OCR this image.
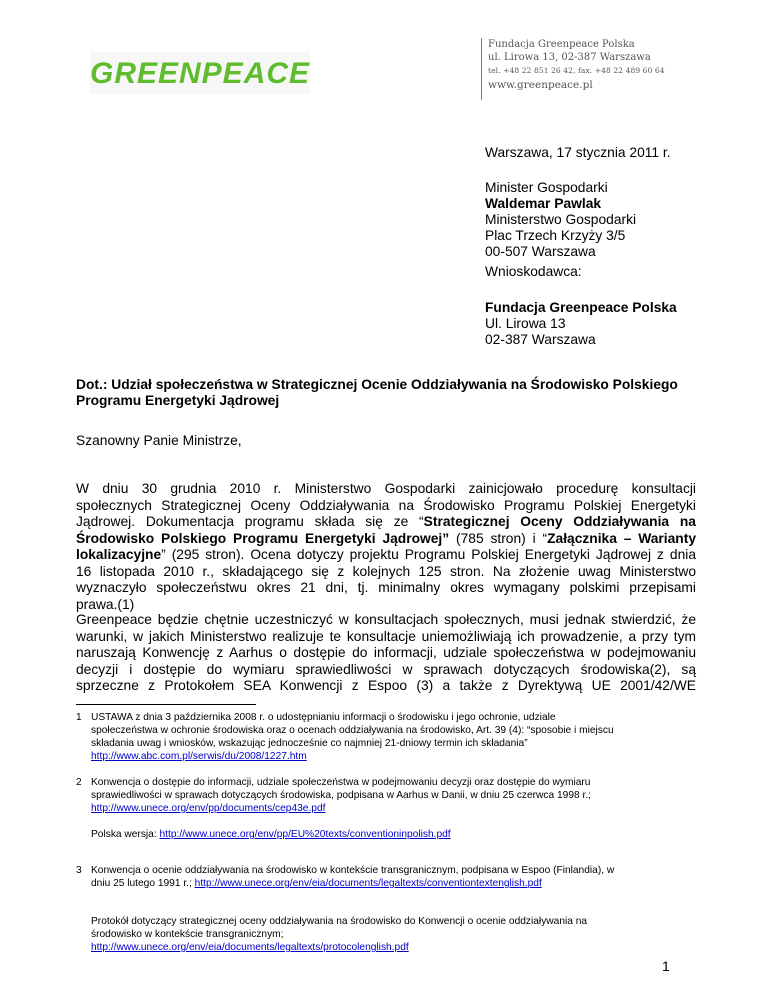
GREENPEACE
Fundacja Greenpeace Polska
ul. Lirowa 13, 02-387 Warszawa
tel. +48 22 851 26 42, fax. +48 22 489 60 64
www.greenpeace.pl
Warszawa, 17 stycznia 2011 r.
Minister Gospodarki
Waldemar Pawlak
Ministerstwo Gospodarki
Plac Trzech Krzyży 3/5
00-507 Warszawa
Wnioskodawca:
Fundacja Greenpeace Polska
Ul. Lirowa 13
02-387 Warszawa
Dot.: Udział społeczeństwa w Strategicznej Ocenie Oddziaływania na Środowisko Polskiego
Programu Energetyki Jądrowej
Szanowny Panie Ministrze,
W dniu 30 grudnia 2010 r. Ministerstwo Gospodarki zainicjowało procedurę konsultacji
społecznych Strategicznej Oceny Oddziaływania na Środowisko Programu Polskiej Energetyki
Jądrowej. Dokumentacja programu składa się ze “Strategicznej Oceny Oddziaływania na
Środowisko Polskiego Programu Energetyki Jądrowej” (785 stron) i “Załącznika – Warianty
lokalizacyjne” (295 stron). Ocena dotyczy projektu Programu Polskiej Energetyki Jądrowej z dnia
16 listopada 2010 r., składającego się z kolejnych 125 stron. Na złożenie uwag Ministerstwo
wyznaczyło społeczeństwu okres 21 dni, tj. minimalny okres wymagany polskimi przepisami
prawa.(1)
Greenpeace będzie chętnie uczestniczyć w konsultacjach społecznych, musi jednak stwierdzić, że
warunki, w jakich Ministerstwo realizuje te konsultacje uniemożliwiają ich prowadzenie, a przy tym
naruszają Konwencję z Aarhus o dostępie do informacji, udziale społeczeństwa w podejmowaniu
decyzji i dostępie do wymiaru sprawiedliwości w sprawach dotyczących środowiska(2), są
sprzeczne z Protokołem SEA Konwencji z Espoo (3) a także z Dyrektywą UE 2001/42/WE
1 USTAWA z dnia 3 października 2008 r. o udostępnianiu informacji o środowisku i jego ochronie, udziale
społeczeństwa w ochronie środowiska oraz o ocenach oddziaływania na środowisko, Art. 39 (4): “sposobie i miejscu
składania uwag i wniosków, wskazując jednocześnie co najmniej 21-dniowy termin ich składania”
http://www.abc.com.pl/serwis/du/2008/1227.htm
2 Konwencja o dostępie do informacji, udziale społeczeństwa w podejmowaniu decyzji oraz dostępie do wymiaru
sprawiedliwości w sprawach dotyczących środowiska, podpisana w Aarhus w Danii, w dniu 25 czerwca 1998 r.;
http://www.unece.org/env/pp/documents/cep43e.pdf
Polska wersja: http://www.unece.org/env/pp/EU%20texts/conventioninpolish.pdf
3 Konwencja o ocenie oddziaływania na środowisko w kontekście transgranicznym, podpisana w Espoo (Finlandia), w
dniu 25 lutego 1991 r.; http://www.unece.org/env/eia/documents/legaltexts/conventiontextenglish.pdf
Protokół dotyczący strategicznej oceny oddziaływania na środowisko do Konwencji o ocenie oddziaływania na
środowisko w kontekście transgranicznym;
http://www.unece.org/env/eia/documents/legaltexts/protocolenglish.pdf
1
